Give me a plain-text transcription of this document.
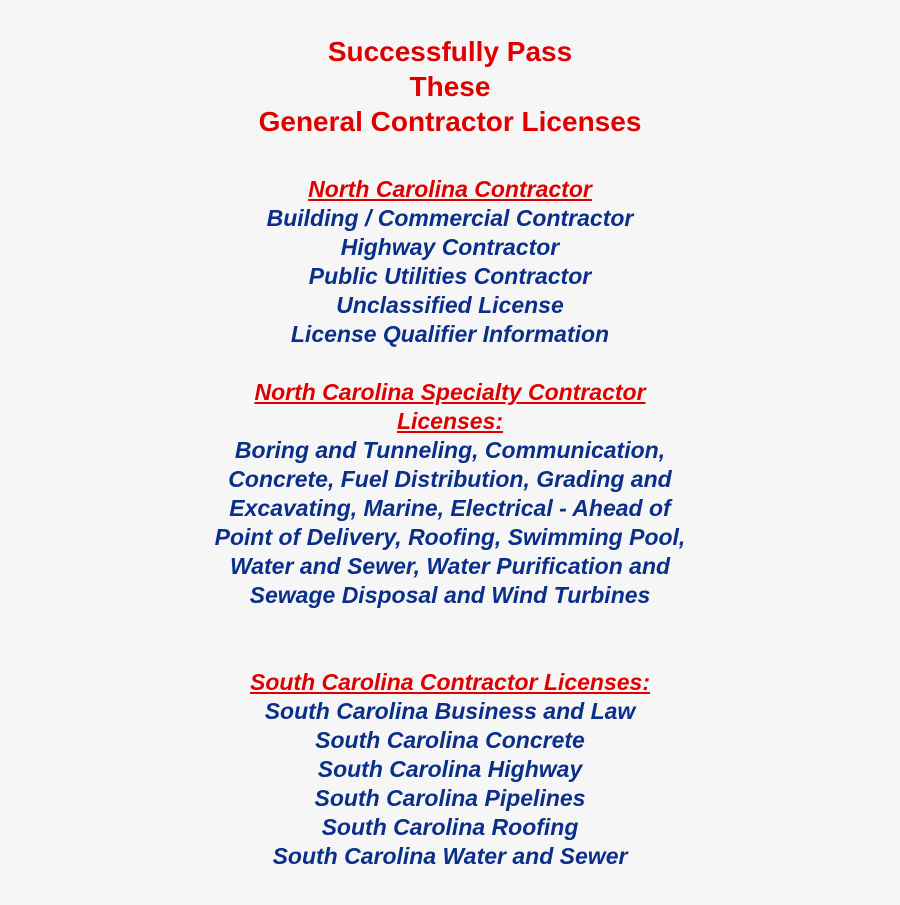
Successfully Pass
These
General Contractor Licenses
North Carolina Contractor
Building / Commercial Contractor
Highway Contractor
Public Utilities Contractor
Unclassified License
License Qualifier Information
North Carolina Specialty Contractor Licenses:
Boring and Tunneling, Communication, Concrete, Fuel Distribution, Grading and Excavating, Marine, Electrical - Ahead of Point of Delivery, Roofing, Swimming Pool, Water and Sewer, Water Purification and Sewage Disposal and Wind Turbines
South Carolina Contractor Licenses:
South Carolina Business and Law
South Carolina Concrete
South Carolina Highway
South Carolina Pipelines
South Carolina Roofing
South Carolina Water and Sewer
